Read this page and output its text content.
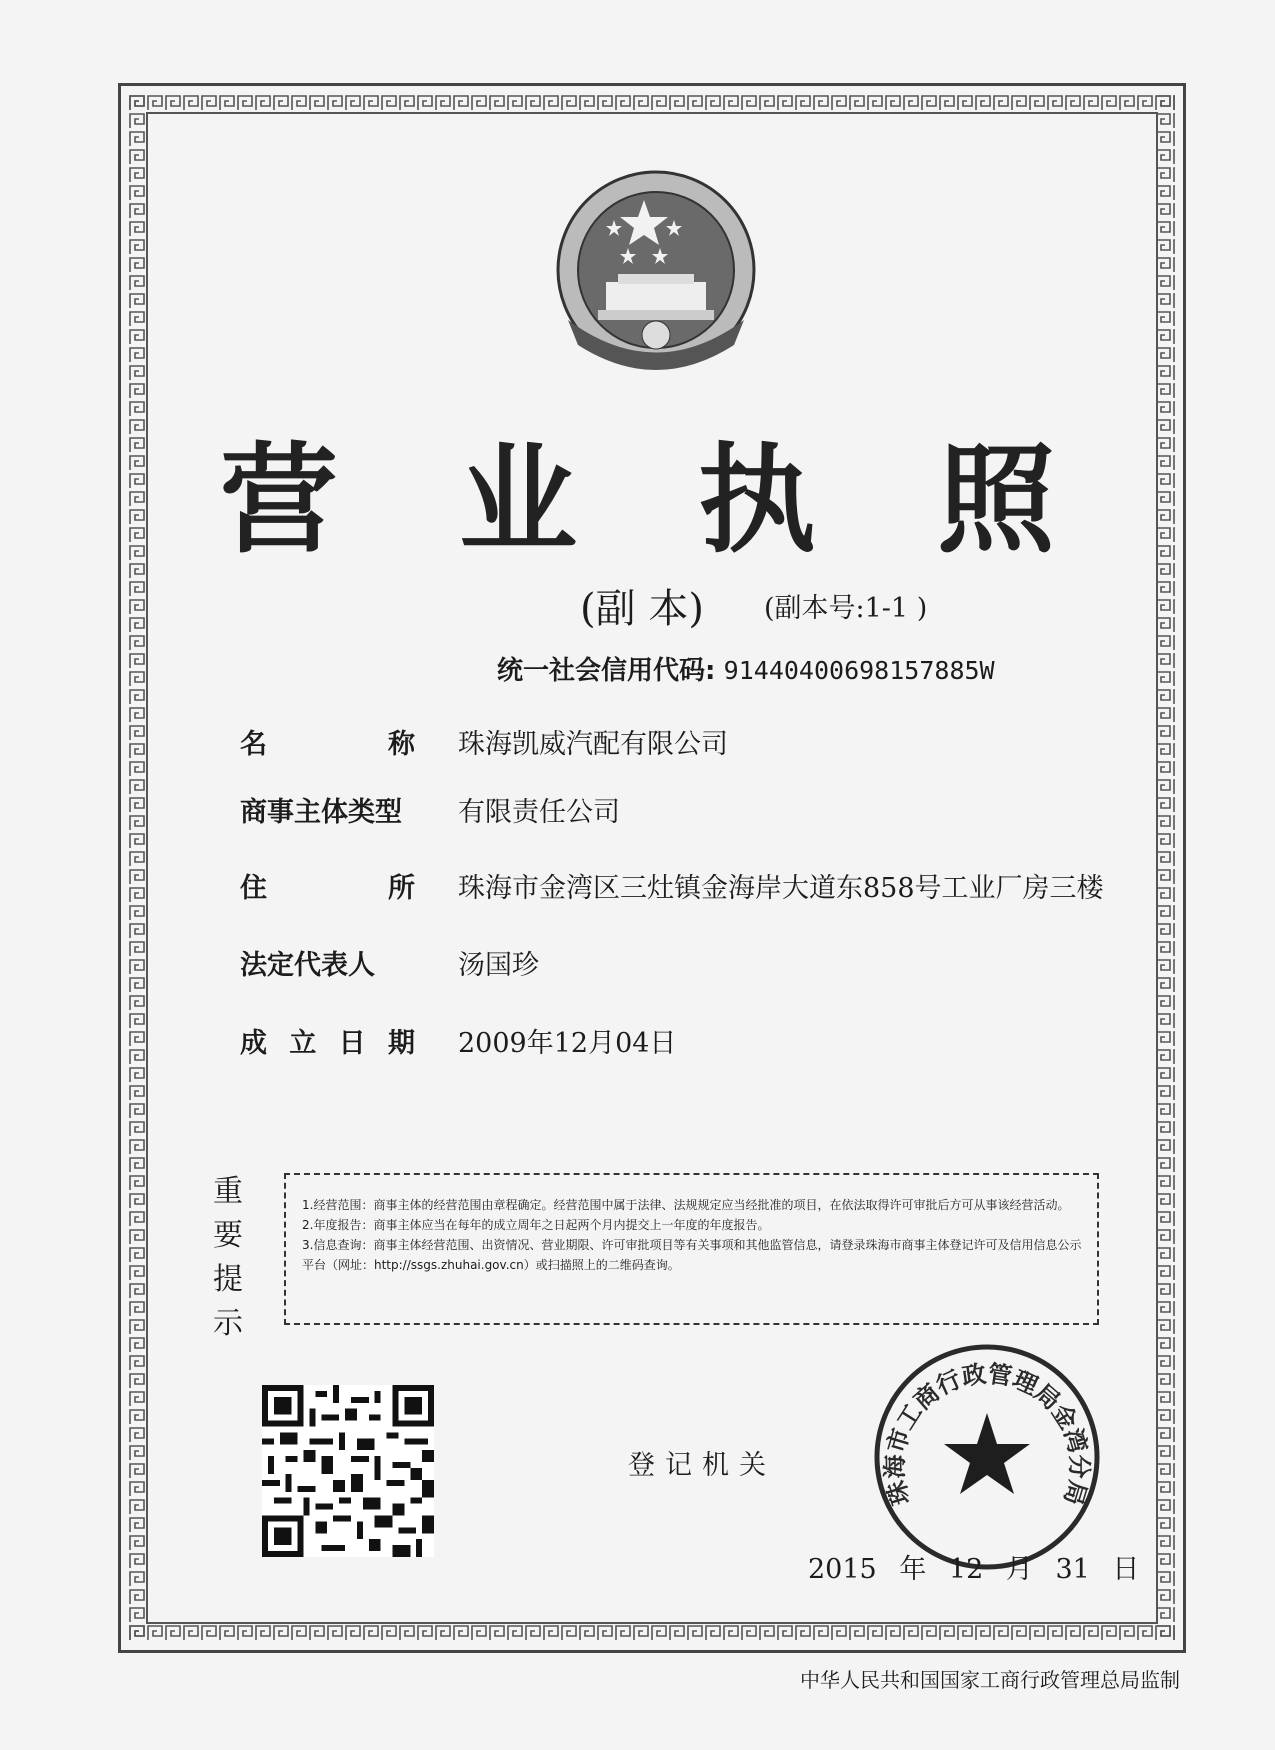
营 业 执 照
(副 本) (副本号:1-1 )
统一社会信用代码: 91440400698157885W
名	称 珠海凯威汽配有限公司
商事主体类型 有限责任公司
住	所 珠海市金湾区三灶镇金海岸大道东858号工业厂房三楼
法定代表人	汤国珍
成 立 日 期 2009年12月04日
重
要
提
示
1.经营范围：商事主体的经营范围由章程确定。经营范围中属于法律、法规规定应当经批准的项目，在依法取得许可审批后方可从事该经营活动。
2.年度报告：商事主体应当在每年的成立周年之日起两个月内提交上一年度的年度报告。
3.信息查询：商事主体经营范围、出资情况、营业期限、许可审批项目等有关事项和其他监管信息，请登录珠海市商事主体登记许可及信用信息公示平台（网址：http://ssgs.zhuhai.gov.cn）或扫描照上的二维码查询。
登记机关
珠海市工商行政管理局金湾分局
2015 年 12 月 31 日
中华人民共和国国家工商行政管理总局监制
